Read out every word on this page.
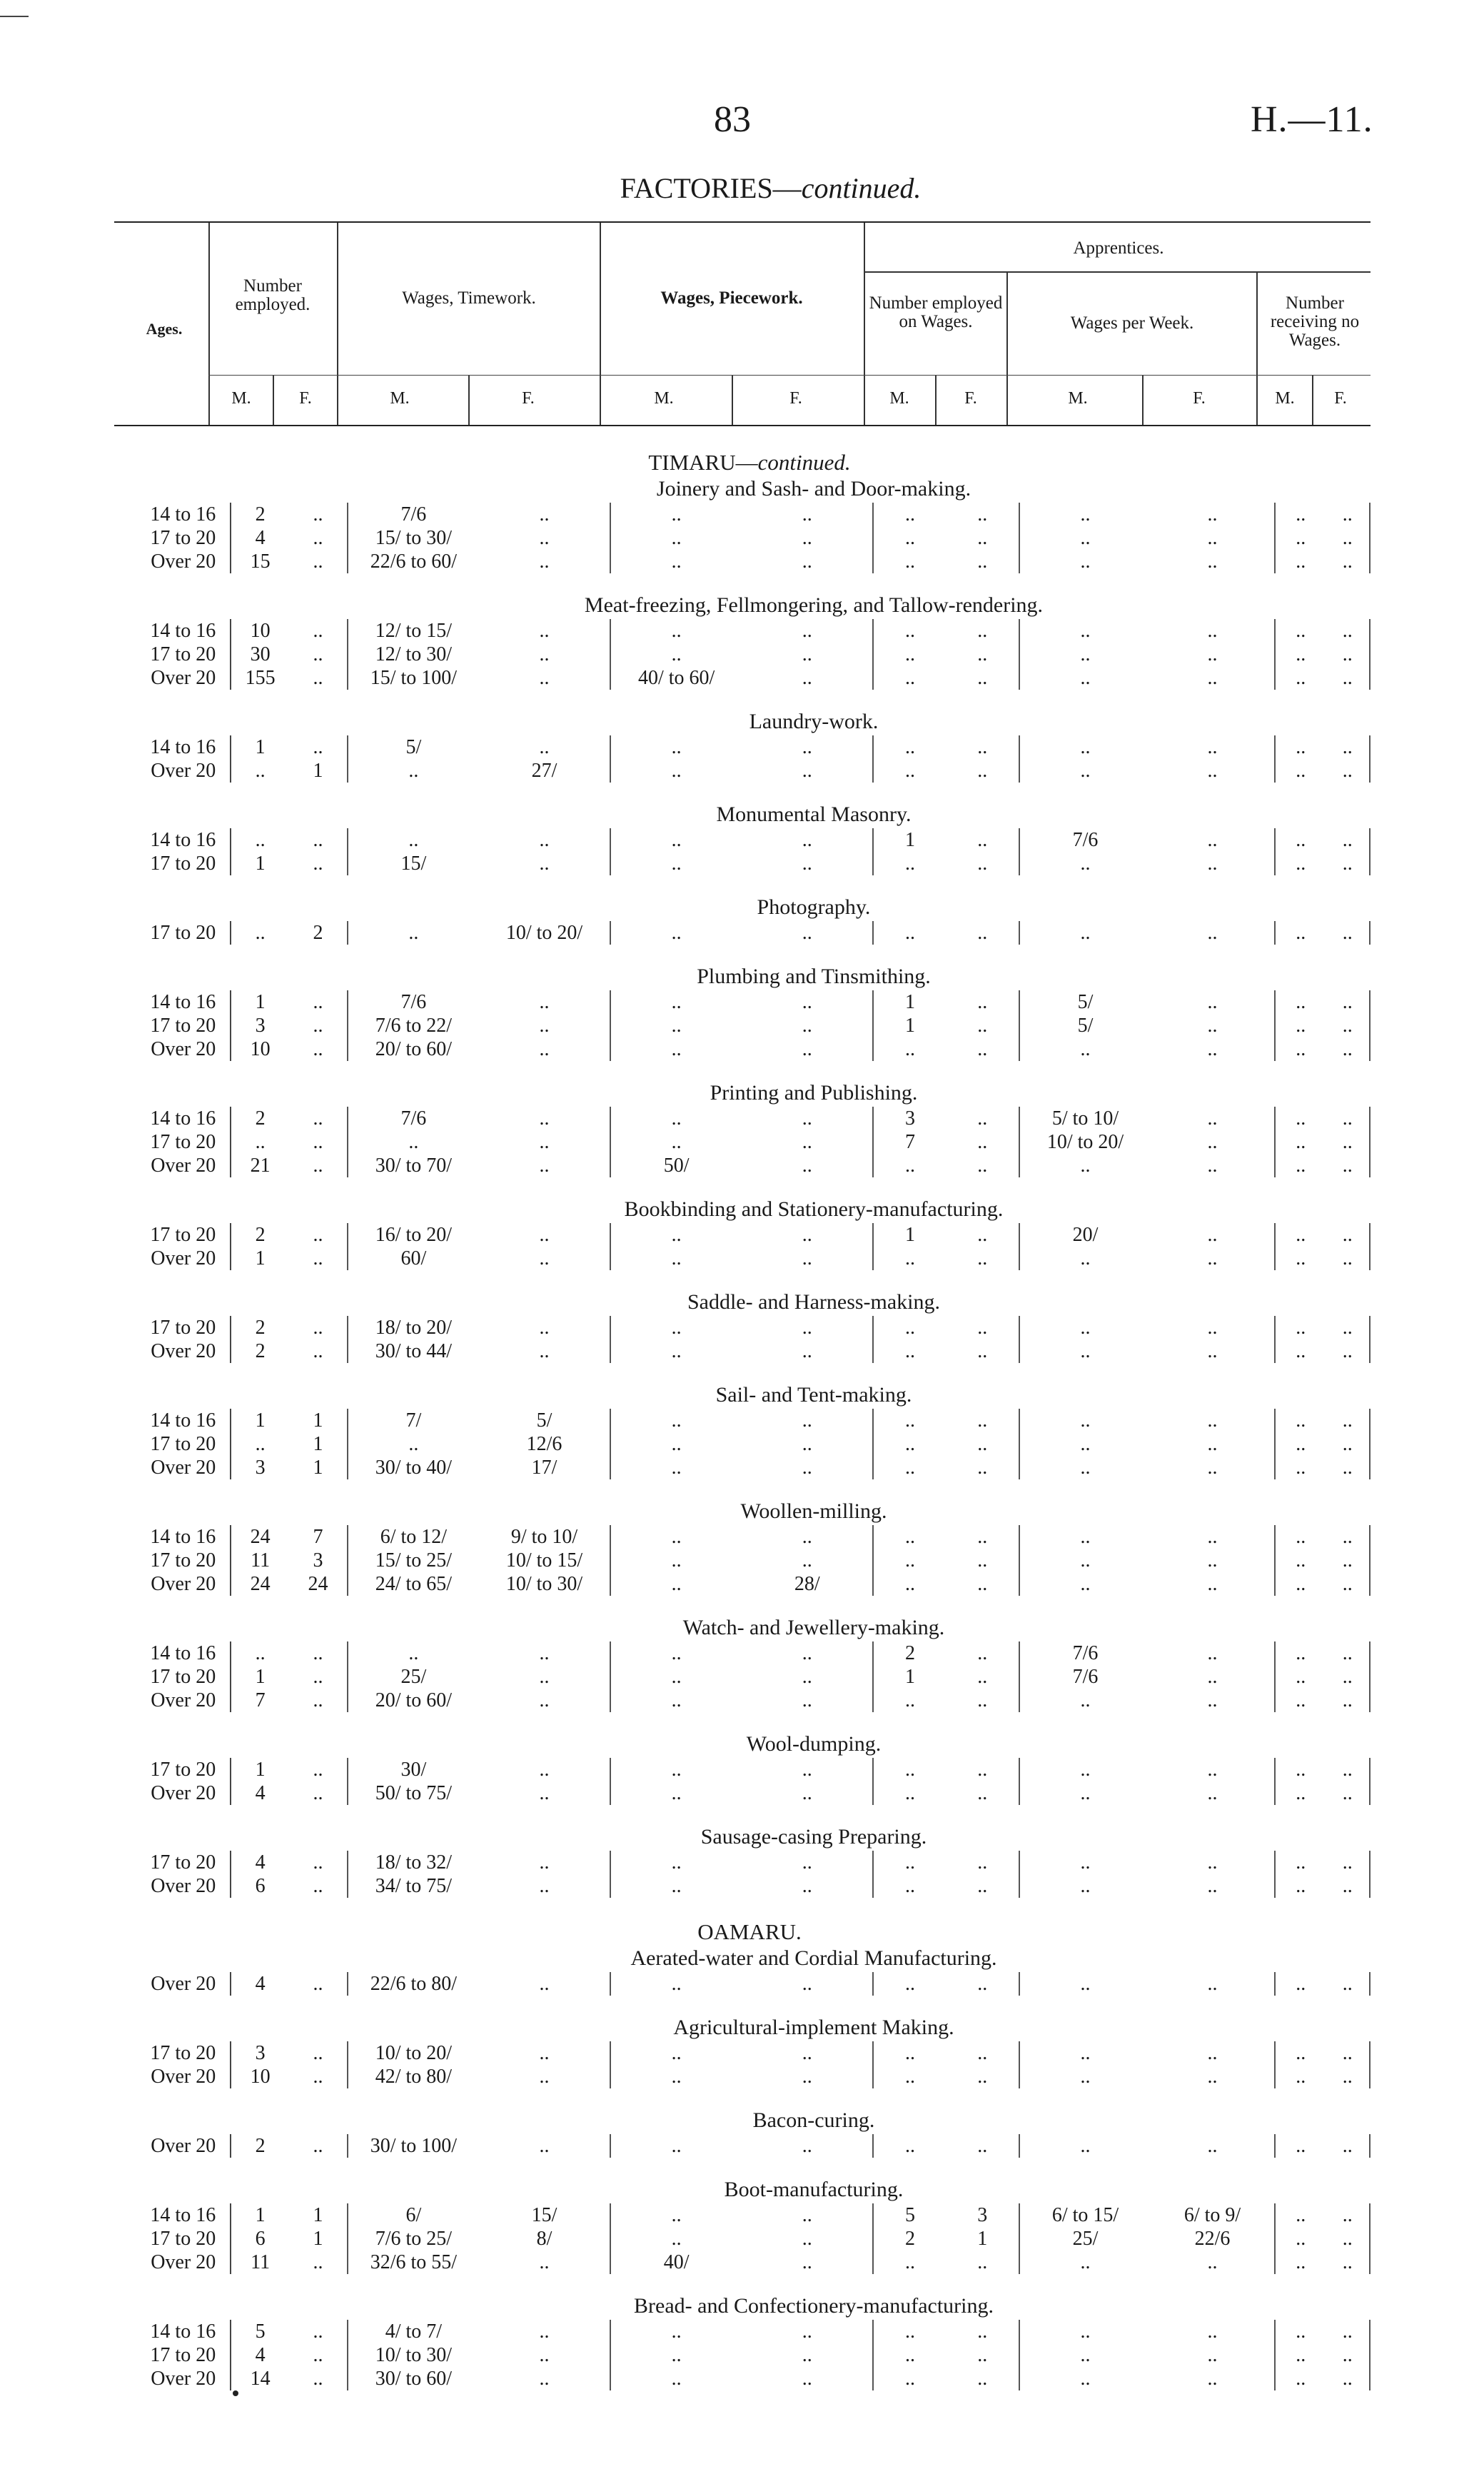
83	H.—11.
FACTORIES—continued.
Ages.
Number employed.	Wages, Timework.	Wages, Piecework.
Apprentices.
Number employed on Wages.	Wages per Week.
Number receiving no Wages.
M.	F.	M.	F.	M.	F.	M.	F.	M.	F.	M.	F.
TIMARU—continued.
Joinery and Sash- and Door-making.
14 to 16	2	..	7/6	..	..	..	..	..	..	..	..	..
17 to 20	4	..	15/ to 30/	..	..	..	..	..	..	..	..	..
Over 20	15	..	22/6 to 60/	..	..	..	..	..	..	..	..	..
Meat-freezing, Fellmongering, and Tallow-rendering.
14 to 16	10	..	12/ to 15/	..	..	..	..	..	..	..	..	..
17 to 20	30	..	12/ to 30/	..	..	..	..	..	..	..	..	..
Over 20	155	..	15/ to 100/	..	40/ to 60/	..	..	..	..	..	..	..
Laundry-work.
14 to 16	1	..	5/	..	..	..	..	..	..	..	..	..
Over 20	..	1	..	27/	..	..	..	..	..	..	..	..
Monumental Masonry.
14 to 16	..	..	..	..	..	..	1	..	7/6	..	..	..
17 to 20	1	..	15/	..	..	..	..	..	..	..	..	..
Photography.
17 to 20	..	2	..	10/ to 20/	..	..	..	..	..	..	..	..
Plumbing and Tinsmithing.
14 to 16	1	..	7/6	..	..	..	1	..	5/	..	..	..
17 to 20	3	..	7/6 to 22/	..	..	..	1	..	5/	..	..	..
Over 20	10	..	20/ to 60/	..	..	..	..	..	..	..	..	..
Printing and Publishing.
14 to 16	2	..	7/6	..	..	..	3	..	5/ to 10/	..	..	..
17 to 20	..	..	..	..	..	..	7	..	10/ to 20/	..	..	..
Over 20	21	..	30/ to 70/	..	50/	..	..	..	..	..	..	..
Bookbinding and Stationery-manufacturing.
17 to 20	2	..	16/ to 20/	..	..	..	1	..	20/	..	..	..
Over 20	1	..	60/	..	..	..	..	..	..	..	..	..
Saddle- and Harness-making.
17 to 20	2	..	18/ to 20/	..	..	..	..	..	..	..	..	..
Over 20	2	..	30/ to 44/	..	..	..	..	..	..	..	..	..
Sail- and Tent-making.
14 to 16	1	1	7/	5/	..	..	..	..	..	..	..	..
17 to 20	..	1	..	12/6	..	..	..	..	..	..	..	..
Over 20	3	1	30/ to 40/	17/	..	..	..	..	..	..	..	..
Woollen-milling.
14 to 16	24	7	6/ to 12/	9/ to 10/	..	..	..	..	..	..	..	..
17 to 20	11	3	15/ to 25/	10/ to 15/	..	..	..	..	..	..	..	..
Over 20	24	24	24/ to 65/	10/ to 30/	..	28/	..	..	..	..	..	..
Watch- and Jewellery-making.
14 to 16	..	..	..	..	..	..	2	..	7/6	..	..	..
17 to 20	1	..	25/	..	..	..	1	..	7/6	..	..	..
Over 20	7	..	20/ to 60/	..	..	..	..	..	..	..	..	..
Wool-dumping.
17 to 20	1	..	30/	..	..	..	..	..	..	..	..	..
Over 20	4	..	50/ to 75/	..	..	..	..	..	..	..	..	..
Sausage-casing Preparing.
17 to 20	4	..	18/ to 32/	..	..	..	..	..	..	..	..	..
Over 20	6	..	34/ to 75/	..	..	..	..	..	..	..	..	..
OAMARU.
Aerated-water and Cordial Manufacturing.
Over 20	4	..	22/6 to 80/	..	..	..	..	..	..	..	..	..
Agricultural-implement Making.
17 to 20	3	..	10/ to 20/	..	..	..	..	..	..	..	..	..
Over 20	10	..	42/ to 80/	..	..	..	..	..	..	..	..	..
Bacon-curing.
Over 20	2	..	30/ to 100/	..	..	..	..	..	..	..	..	..
Boot-manufacturing.
14 to 16	1	1	6/	15/	..	..	5	3	6/ to 15/	6/ to 9/	..	..
17 to 20	6	1	7/6 to 25/	8/	..	..	2	1	25/	22/6	..	..
Over 20	11	..	32/6 to 55/	..	40/	..	..	..	..	..	..	..
Bread- and Confectionery-manufacturing.
14 to 16	5	..	4/ to 7/	..	..	..	..	..	..	..	..	..
17 to 20	4	..	10/ to 30/	..	..	..	..	..	..	..	..	..
Over 20	14	..	30/ to 60/	..	..	..	..	..	..	..	..	..
